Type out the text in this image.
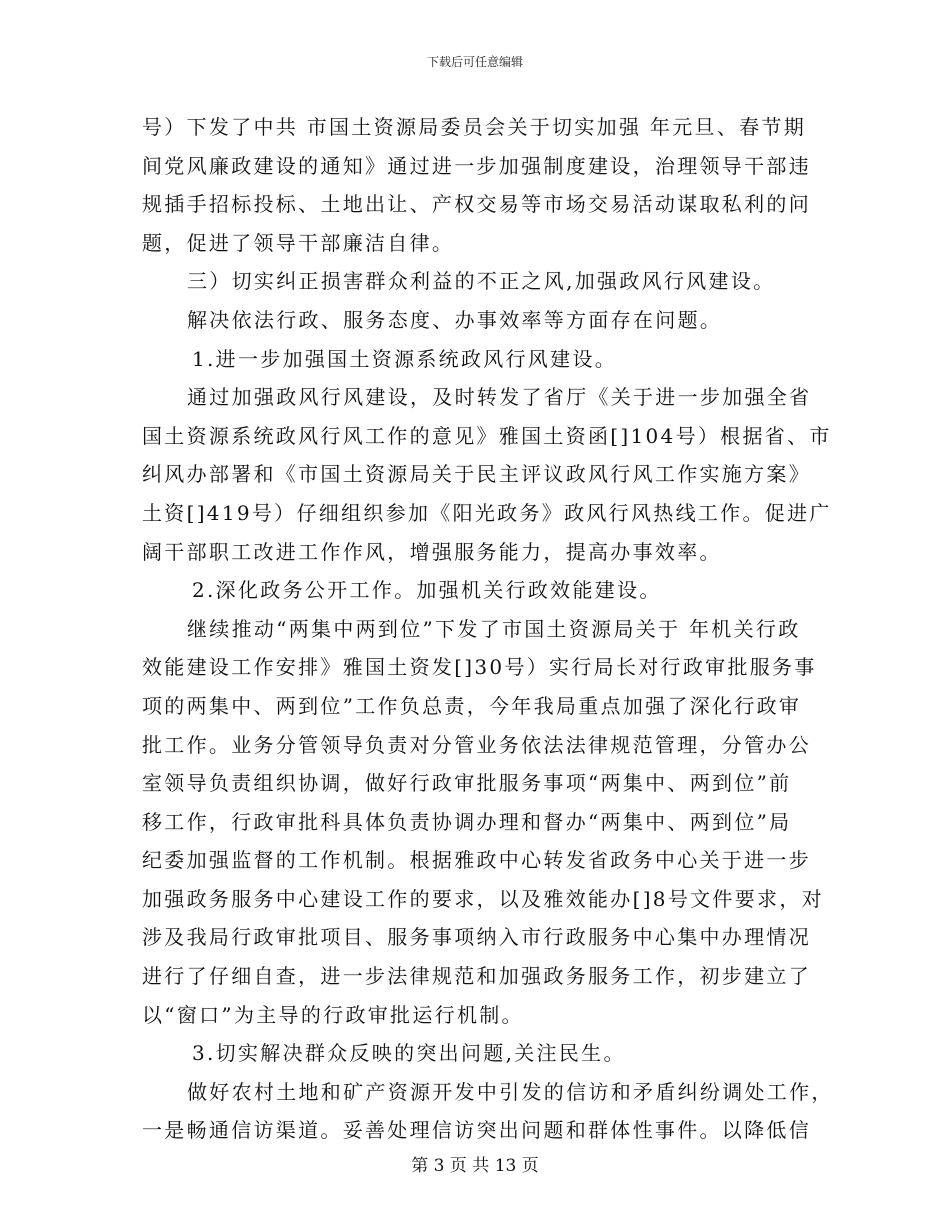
下载后可任意编辑
号）下发了中共 市国土资源局委员会关于切实加强 年元旦、春节期
间党风廉政建设的通知》通过进一步加强制度建设，治理领导干部违
规插手招标投标、土地出让、产权交易等市场交易活动谋取私利的问
题，促进了领导干部廉洁自律。
三）切实纠正损害群众利益的不正之风,加强政风行风建设。
解决依法行政、服务态度、办事效率等方面存在问题。
1.进一步加强国土资源系统政风行风建设。
通过加强政风行风建设，及时转发了省厅《关于进一步加强全省
国土资源系统政风行风工作的意见》雅国土资函[]104号）根据省、市
纠风办部署和《市国土资源局关于民主评议政风行风工作实施方案》
土资[]419号）仔细组织参加《阳光政务》政风行风热线工作。促进广
阔干部职工改进工作作风，增强服务能力，提高办事效率。
2.深化政务公开工作。加强机关行政效能建设。
继续推动“两集中两到位”下发了市国土资源局关于 年机关行政
效能建设工作安排》雅国土资发[]30号）实行局长对行政审批服务事
项的两集中、两到位”工作负总责，今年我局重点加强了深化行政审
批工作。业务分管领导负责对分管业务依法法律规范管理，分管办公
室领导负责组织协调，做好行政审批服务事项“两集中、两到位”前
移工作，行政审批科具体负责协调办理和督办“两集中、两到位”局
纪委加强监督的工作机制。根据雅政中心转发省政务中心关于进一步
加强政务服务中心建设工作的要求，以及雅效能办[]8号文件要求，对
涉及我局行政审批项目、服务事项纳入市行政服务中心集中办理情况
进行了仔细自查，进一步法律规范和加强政务服务工作，初步建立了
以“窗口”为主导的行政审批运行机制。
3.切实解决群众反映的突出问题,关注民生。
做好农村土地和矿产资源开发中引发的信访和矛盾纠纷调处工作，
一是畅通信访渠道。妥善处理信访突出问题和群体性事件。以降低信
第 3 页 共 13 页
